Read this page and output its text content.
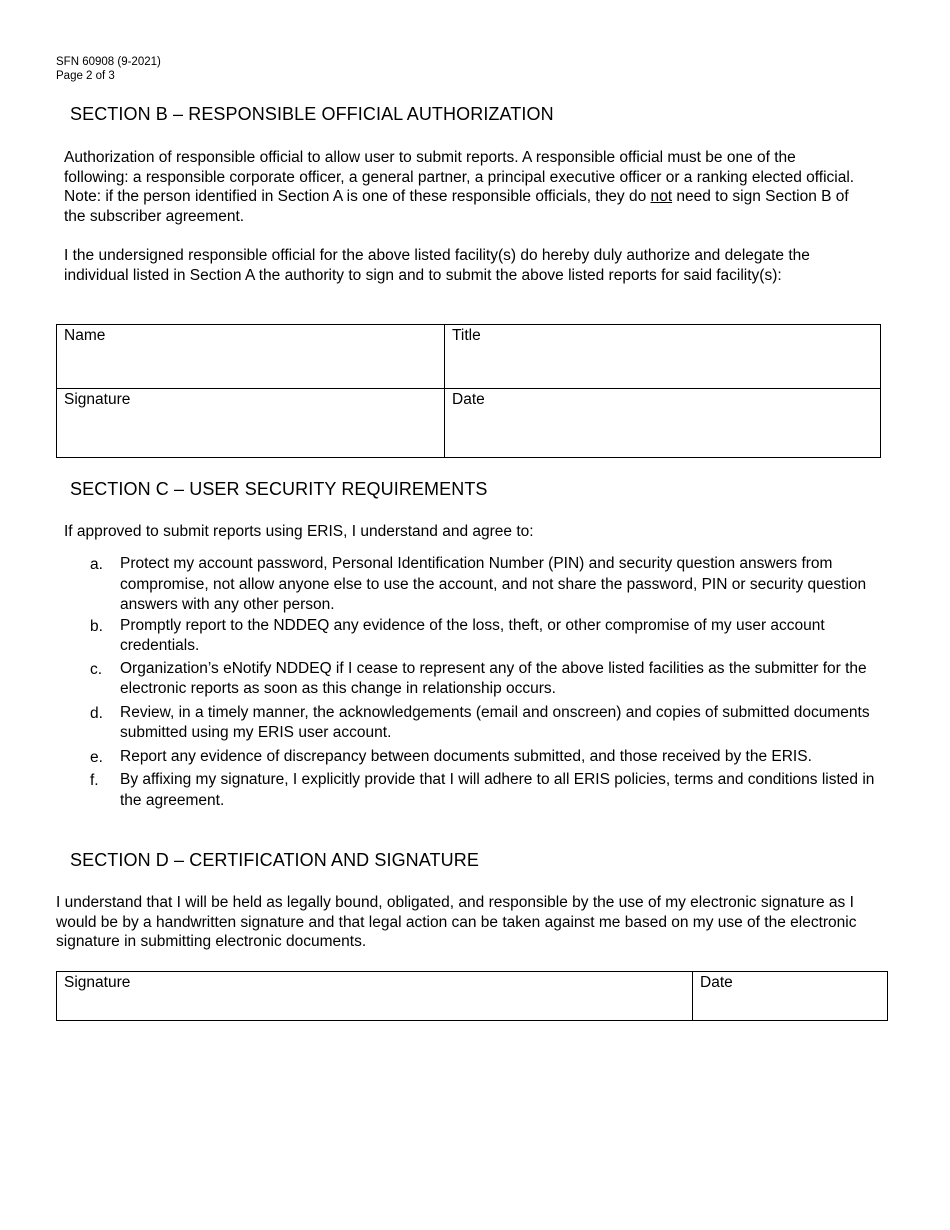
SFN 60908 (9-2021)
Page 2 of 3
SECTION B – RESPONSIBLE OFFICIAL AUTHORIZATION
Authorization of responsible official to allow user to submit reports. A responsible official must be one of the following: a responsible corporate officer, a general partner, a principal executive officer or a ranking elected official. Note: if the person identified in Section A is one of these responsible officials, they do not need to sign Section B of the subscriber agreement.
I the undersigned responsible official for the above listed facility(s) do hereby duly authorize and delegate the individual listed in Section A the authority to sign and to submit the above listed reports for said facility(s):
Name	Title

Signature	Date
SECTION C – USER SECURITY REQUIREMENTS
If approved to submit reports using ERIS, I understand and agree to:
a.	Protect my account password, Personal Identification Number (PIN) and security question answers from compromise, not allow anyone else to use the account, and not share the password, PIN or security question answers with any other person.
b.	Promptly report to the NDDEQ any evidence of the loss, theft, or other compromise of my user account credentials.
c.	Organization’s eNotify NDDEQ if I cease to represent any of the above listed facilities as the submitter for the electronic reports as soon as this change in relationship occurs.
d.	Review, in a timely manner, the acknowledgements (email and onscreen) and copies of submitted documents submitted using my ERIS user account.
e.	Report any evidence of discrepancy between documents submitted, and those received by the ERIS.
f.	By affixing my signature, I explicitly provide that I will adhere to all ERIS policies, terms and conditions listed in the agreement.
SECTION D – CERTIFICATION AND SIGNATURE
I understand that I will be held as legally bound, obligated, and responsible by the use of my electronic signature as I would be by a handwritten signature and that legal action can be taken against me based on my use of the electronic signature in submitting electronic documents.
Signature	Date
